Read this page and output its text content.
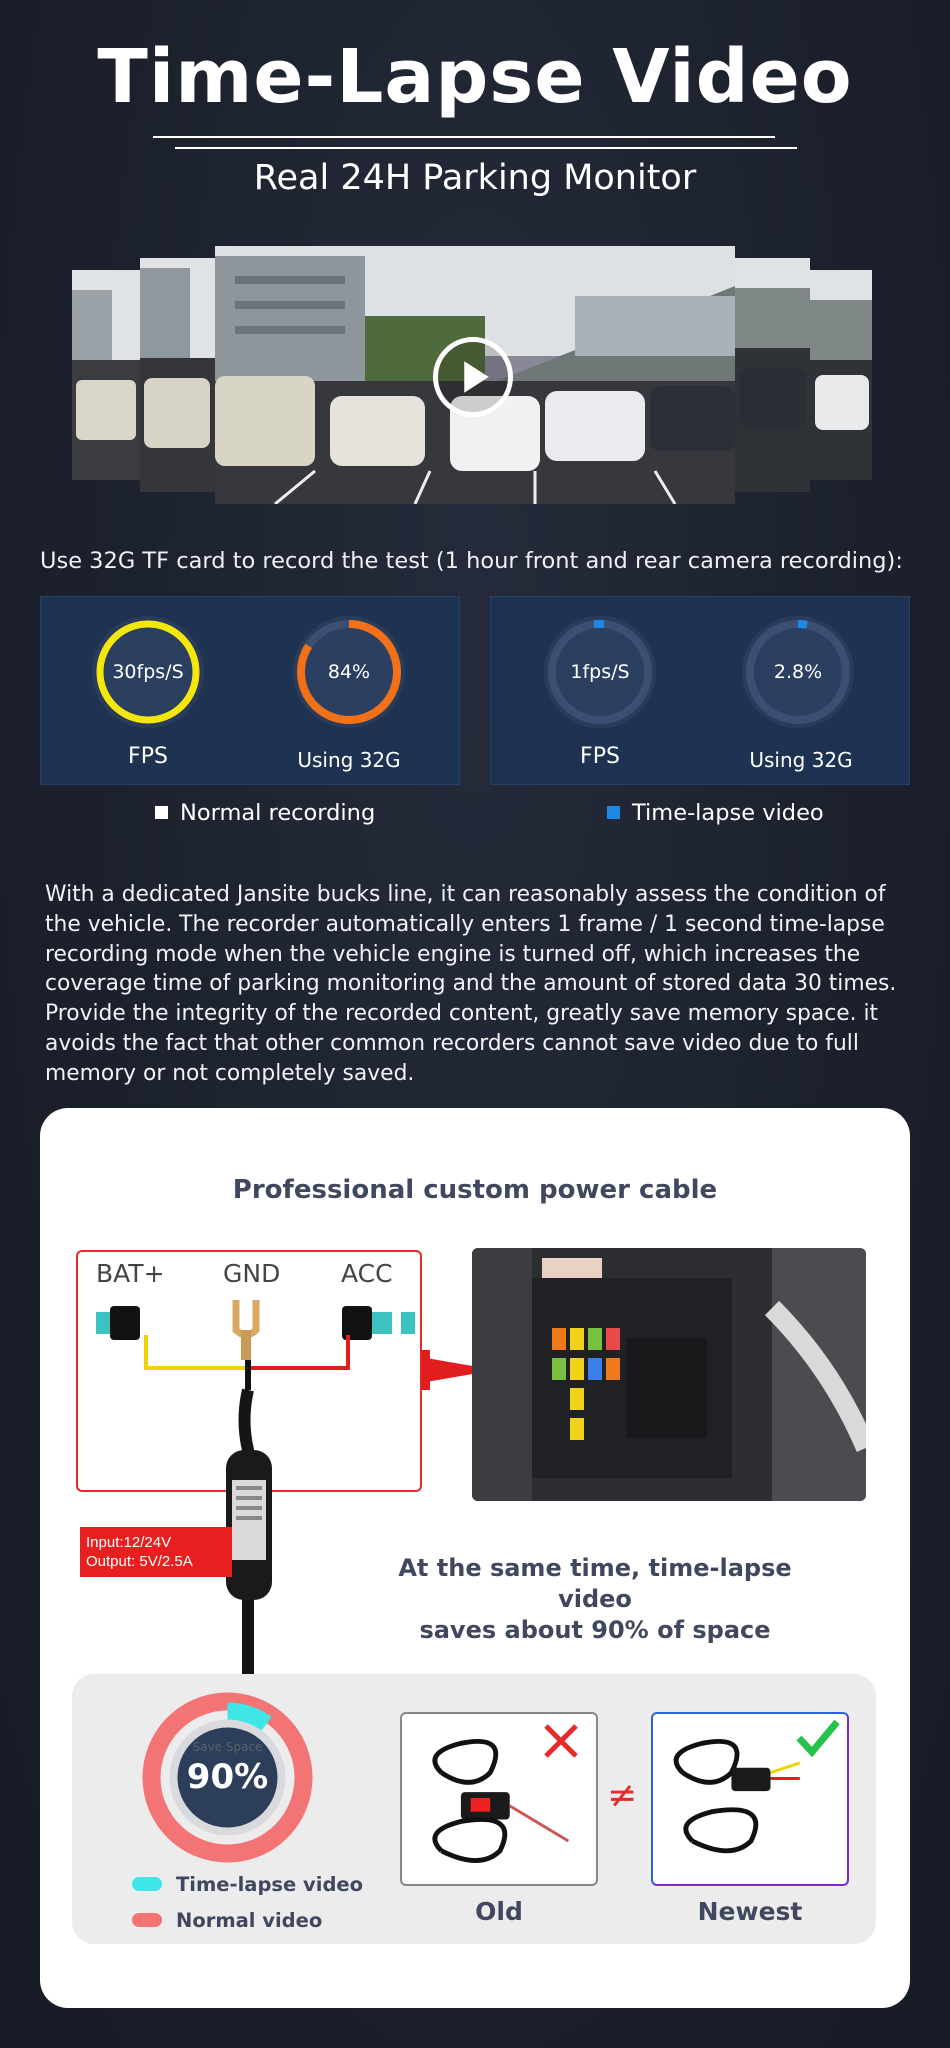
Time-Lapse Video
Real 24H Parking Monitor
Use 32G TF card to record the test (1 hour front and rear camera recording):
30fps/S
FPS
84%
Using 32G
1fps/S
FPS
2.8%
Using 32G
Normal recording	Time-lapse video
With a dedicated Jansite bucks line, it can reasonably assess the condition of the vehicle. The recorder automatically enters 1 frame / 1 second time-lapse recording mode when the vehicle engine is turned off, which increases the coverage time of parking monitoring and the amount of stored data 30 times. Provide the integrity of the recorded content, greatly save memory space. it avoids the fact that other common recorders cannot save video due to full memory or not completely saved.
Professional custom power cable
BAT+ GND ACC
Input:12/24V
Output: 5V/2.5A	At the same time, time-lapse video
saves about 90% of space
Save Space
90%
Time-lapse video
Normal video	Old
≠
Newest
